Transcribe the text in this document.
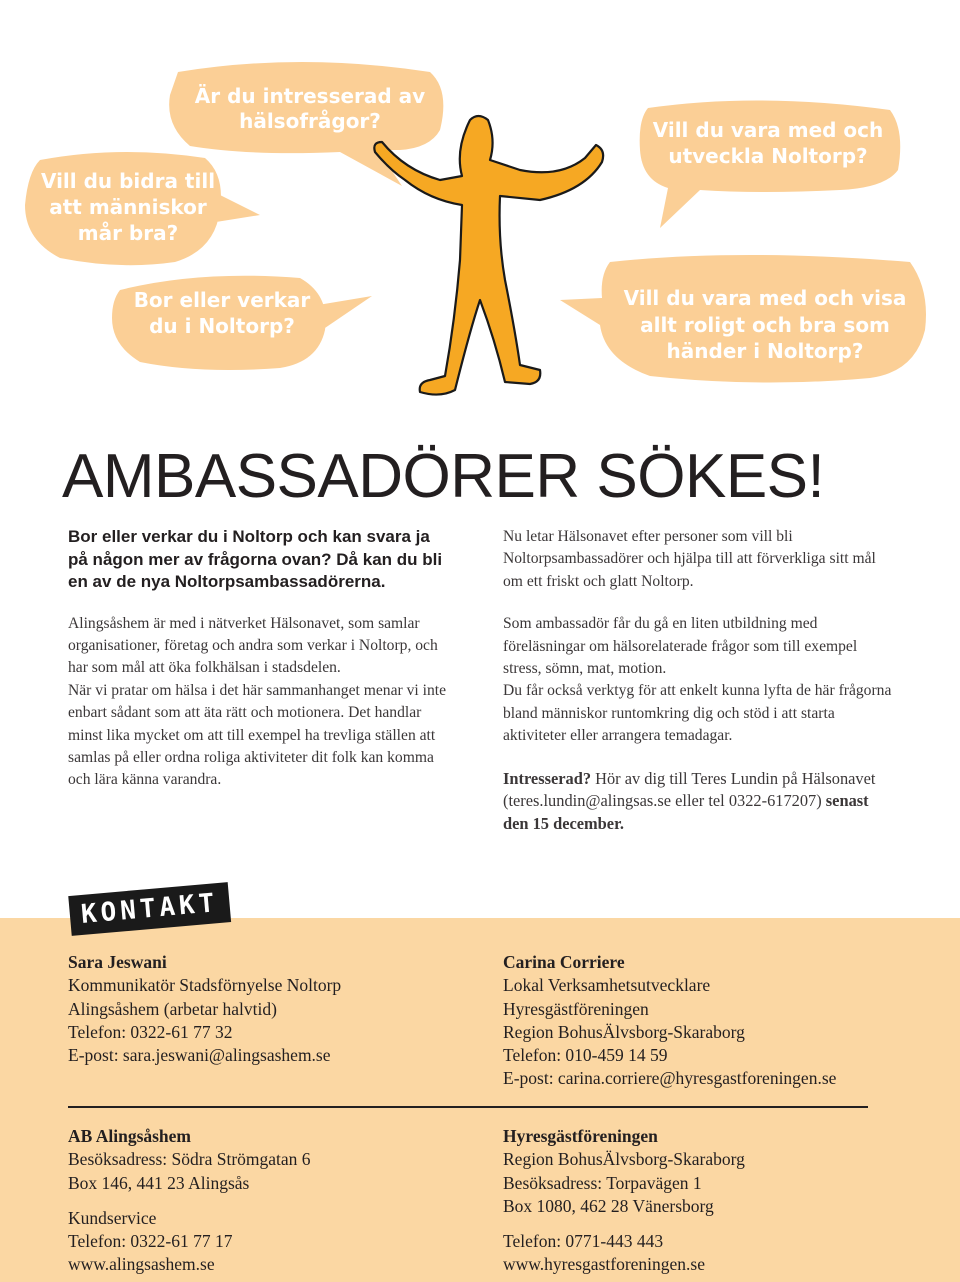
Är du intresserad av
hälsofrågor?
Vill du bidra till
att människor
mår bra?
Vill du vara med och
utveckla Noltorp?
Bor eller verkar
du i Noltorp?
Vill du vara med och visa
allt roligt och bra som
händer i Noltorp?
AMBASSADÖRER SÖKES!

Bor eller verkar du i Noltorp och kan svara ja på någon mer av frågorna ovan? Då kan du bli en av de nya Noltorpsambassadörerna.

Alingsåshem är med i nätverket Hälsonavet, som samlar organisationer, företag och andra som verkar i Noltorp, och har som mål att öka folkhälsan i stadsdelen.

När vi pratar om hälsa i det här sammanhanget menar vi inte enbart sådant som att äta rätt och motionera. Det handlar minst lika mycket om att till exempel ha trevliga ställen att samlas på eller ordna roliga aktiviteter dit folk kan komma och lära känna varandra.

Nu letar Hälsonavet efter personer som vill bli Noltorpsambassadörer och hjälpa till att förverkliga sitt mål om ett friskt och glatt Noltorp.

Som ambassadör får du gå en liten utbildning med föreläsningar om hälsorelaterade frågor som till exempel stress, sömn, mat, motion.

Du får också verktyg för att enkelt kunna lyfta de här frågorna bland människor runtomkring dig och stöd i att starta aktiviteter eller arrangera temadagar.

Intresserad? Hör av dig till Teres Lundin på Hälsonavet (teres.lundin@alingsas.se eller tel 0322-617207) senast den 15 december.

KONTAKT
Sara Jeswani
Kommunikatör Stadsförnyelse Noltorp
Alingsåshem (arbetar halvtid)
Telefon: 0322-61 77 32
E-post: sara.jeswani@alingsashem.se
Carina Corriere
Lokal Verksamhetsutvecklare
Hyresgästföreningen
Region BohusÄlvsborg-Skaraborg
Telefon: 010-459 14 59
E-post: carina.corriere@hyresgastforeningen.se
AB Alingsåshem
Besöksadress: Södra Strömgatan 6
Box 146, 441 23 Alingsås
Kundservice
Telefon: 0322-61 77 17
www.alingsashem.se
Hyresgästföreningen
Region BohusÄlvsborg-Skaraborg
Besöksadress: Torpavägen 1
Box 1080, 462 28 Vänersborg
Telefon: 0771-443 443
www.hyresgastforeningen.se
